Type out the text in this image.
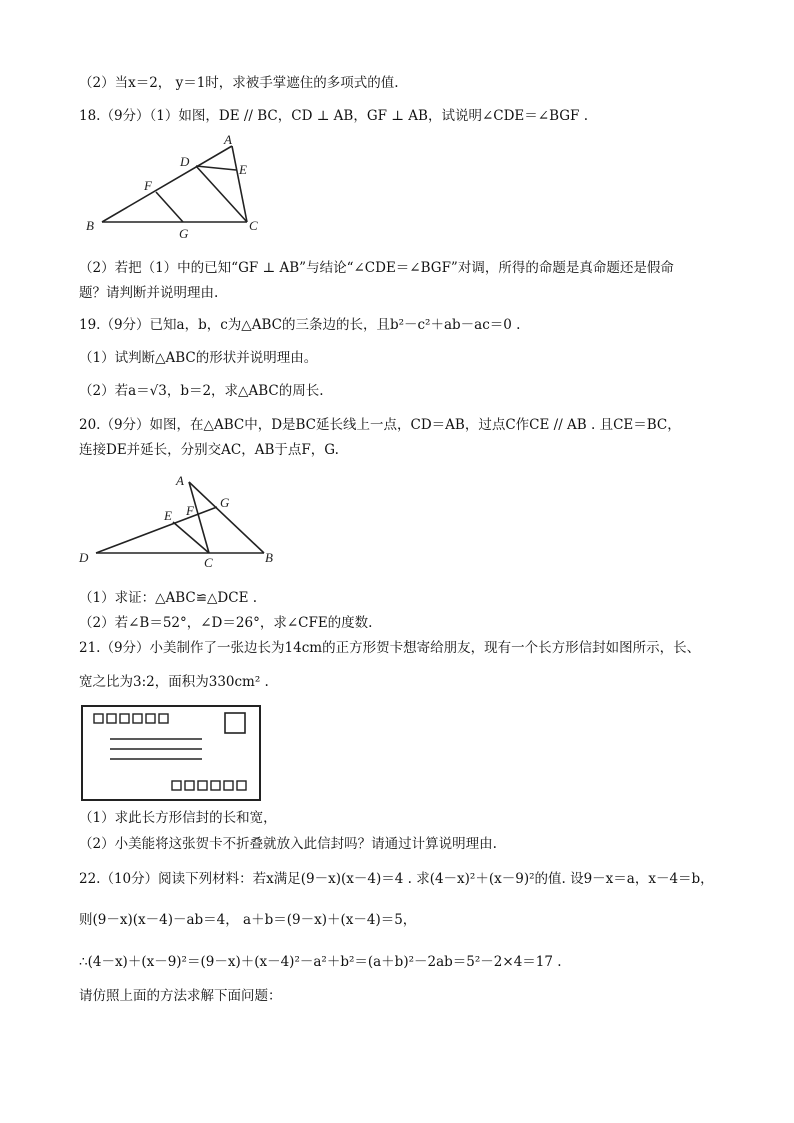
（2）当x＝2， y＝1时，求被手掌遮住的多项式的值.
18.（9分）（1）如图，DE // BC，CD ⊥ AB，GF ⊥ AB，试说明∠CDE＝∠BGF .
A
B	C
D
E
F
G
（2）若把（1）中的已知“GF ⊥ AB”与结论“∠CDE＝∠BGF”对调，所得的命题是真命题还是假命
题？请判断并说明理由.
19.（9分）已知a，b，c为△ABC的三条边的长，且b²－c²＋ab－ac＝0 .
（1）试判断△ABC的形状并说明理由。
（2）若a＝√3，b＝2，求△ABC的周长.
20.（9分）如图，在△ABC中，D是BC延长线上一点，CD＝AB，过点C作CE // AB . 且CE＝BC，
连接DE并延长，分别交AC，AB于点F，G.
A
B
C
D
E F
G
（1）求证：△ABC≌△DCE .
（2）若∠B＝52°，∠D＝26°，求∠CFE的度数.
21.（9分）小美制作了一张边长为14cm的正方形贺卡想寄给朋友，现有一个长方形信封如图所示，长、
宽之比为3:2，面积为330cm² .
（1）求此长方形信封的长和宽，
（2）小美能将这张贺卡不折叠就放入此信封吗？请通过计算说明理由.
22.（10分）阅读下列材料：若x满足(9－x)(x－4)＝4 . 求(4－x)²＋(x－9)²的值. 设9－x＝a，x－4＝b，
则(9－x)(x－4)－ab＝4， a＋b＝(9－x)＋(x－4)＝5，
∴(4－x)＋(x－9)²＝(9－x)＋(x－4)²－a²＋b²＝(a＋b)²－2ab＝5²－2×4＝17 .
请仿照上面的方法求解下面问题：
